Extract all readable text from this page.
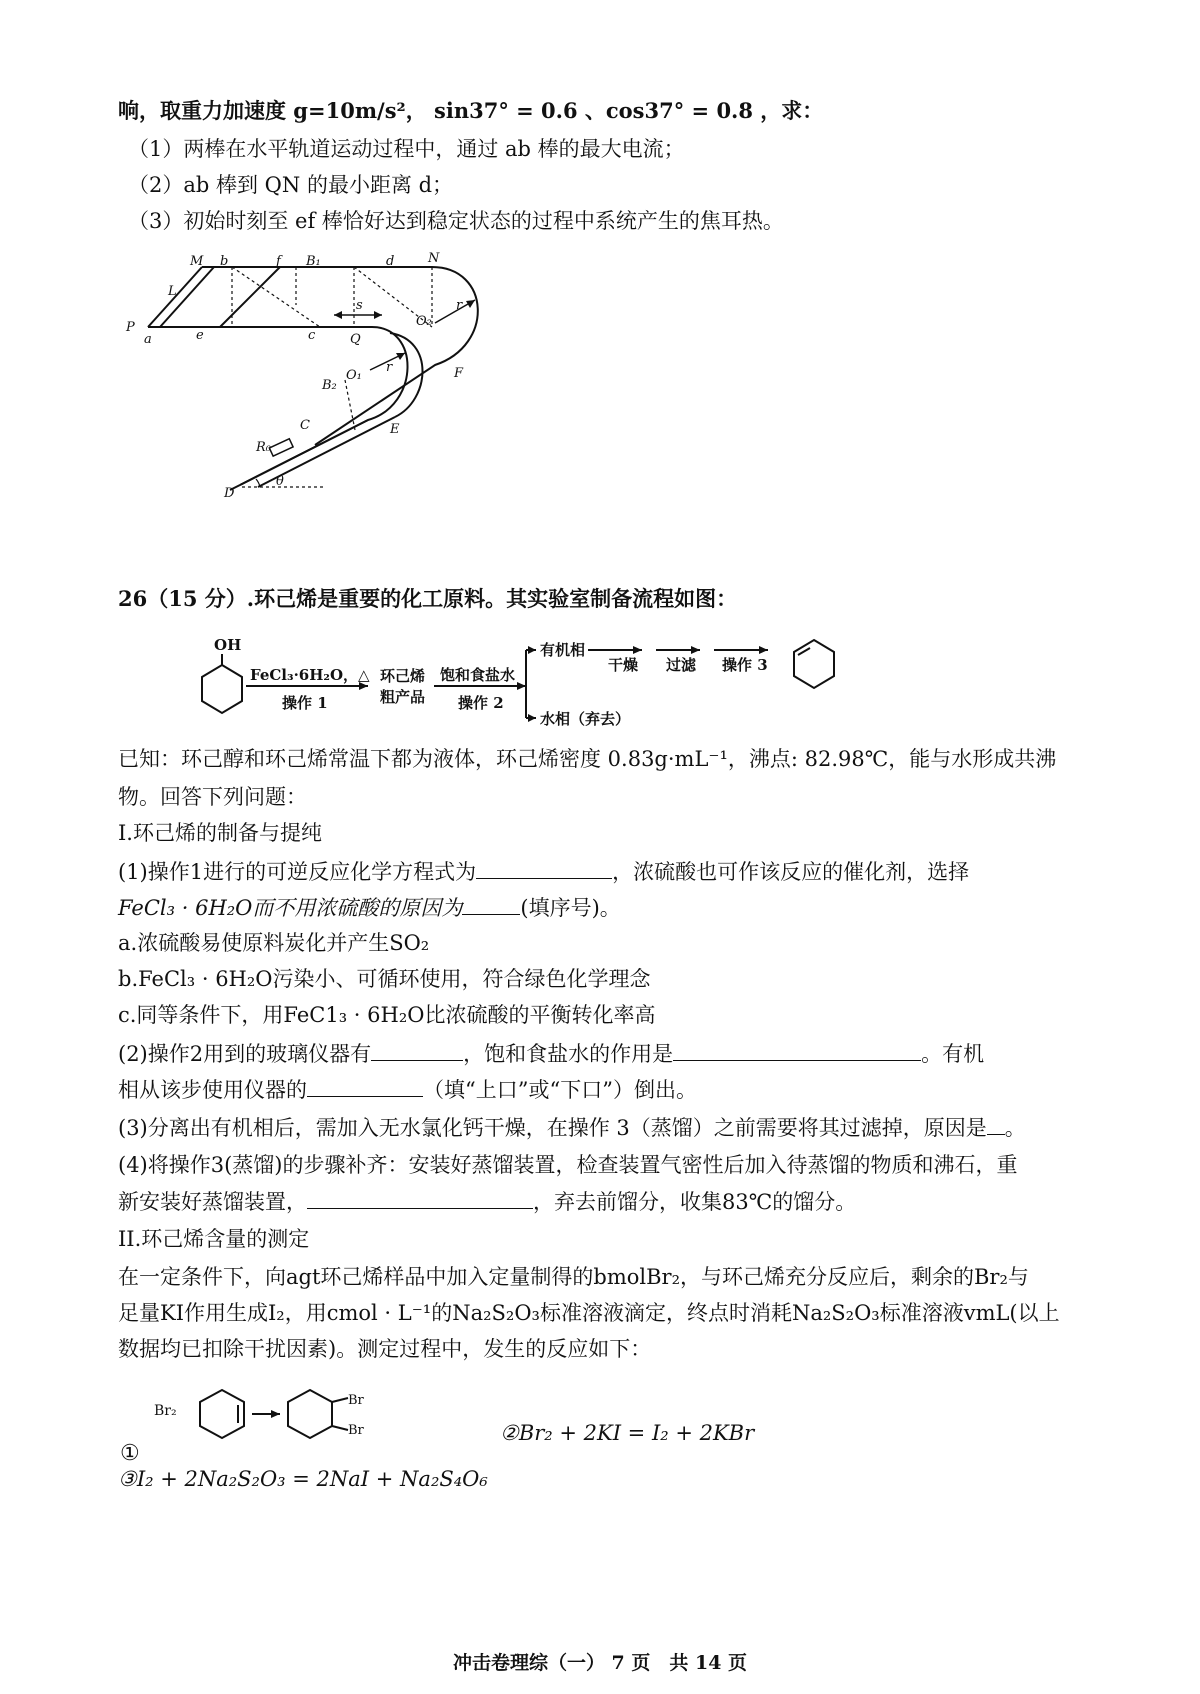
响，取重力加速度 g=10m/s²， sin37° = 0.6 、cos37° = 0.8 ，求：
（1）两棒在水平轨道运动过程中，通过 ab 棒的最大电流；
（2）ab 棒到 QN 的最小距离 d；
（3）初始时刻至 ef 棒恰好达到稳定状态的过程中系统产生的焦耳热。
M b	f B₁	d	N
L
P
a	e	c	Q
s
O₂
r
B₂
O₁
r	F
C	E
R₀
θ
D
26（15 分）.环己烯是重要的化工原料。其实验室制备流程如图：
OH
FeCl₃·6H₂O，△
操作 1
环己烯
粗产品
饱和食盐水
操作 2
有机相
干燥 过滤 操作 3
水相（弃去）
已知：环己醇和环己烯常温下都为液体，环己烯密度 0.83g·mL⁻¹，沸点: 82.98℃，能与水形成共沸
物。回答下列问题：
I.环己烯的制备与提纯
(1)操作1进行的可逆反应化学方程式为	，浓硫酸也可作该反应的催化剂，选择
FeCl₃ · 6H₂O而不用浓硫酸的原因为	(填序号)。
a.浓硫酸易使原料炭化并产生SO₂
b.FeCl₃ · 6H₂O污染小、可循环使用，符合绿色化学理念
c.同等条件下，用FeC1₃ · 6H₂O比浓硫酸的平衡转化率高
(2)操作2用到的玻璃仪器有	，饱和食盐水的作用是	。有机
相从该步使用仪器的	（填“上口”或“下口”）倒出。
(3)分离出有机相后，需加入无水氯化钙干燥，在操作 3（蒸馏）之前需要将其过滤掉，原因是 。
(4)将操作3(蒸馏)的步骤补齐：安装好蒸馏装置，检查装置气密性后加入待蒸馏的物质和沸石，重
新安装好蒸馏装置，	，弃去前馏分，收集83℃的馏分。
II.环己烯含量的测定
在一定条件下，向agt环己烯样品中加入定量制得的bmolBr₂，与环己烯充分反应后，剩余的Br₂与
足量KI作用生成I₂，用cmol · L⁻¹的Na₂S₂O₃标准溶液滴定，终点时消耗Na₂S₂O₃标准溶液vmL(以上
数据均已扣除干扰因素)。测定过程中，发生的反应如下：
①
Br₂
Br
Br	②Br₂ + 2KI = I₂ + 2KBr
③I₂ + 2Na₂S₂O₃ = 2NaI + Na₂S₄O₆
冲击卷理综（一） 7 页　共 14 页
